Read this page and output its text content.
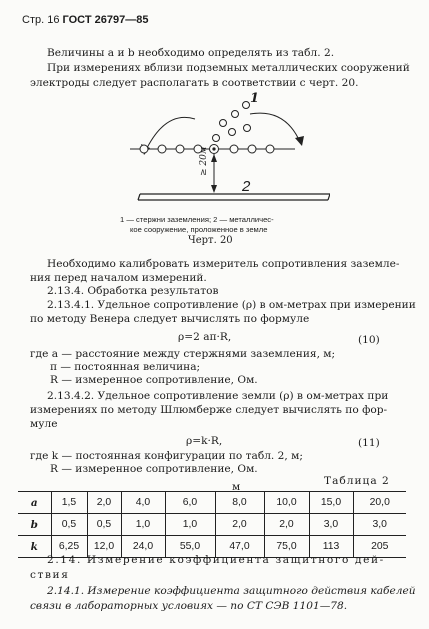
Стр. 16 ГОСТ 26797—85
Величины a и b необходимо определять из табл. 2.
При измерениях вблизи подземных металлических сооружений
электроды следует располагать в соответствии с черт. 20.
1
2
≥ 20м
1 — стержни заземления; 2 — металличес-
кое сооружение, проложенное в земле
Черт. 20
Необходимо калибровать измеритель сопротивления заземле-
ния перед началом измерений.
2.13.4. Обработка результатов
2.13.4.1. Удельное сопротивление (ρ) в ом-метрах при измерении
по методу Венера следует вычислять по формуле
ρ=2 aπ·R,	(10)
где a — расстояние между стержнями заземления, м;
π — постоянная величина;
R — измеренное сопротивление, Ом.
2.13.4.2. Удельное сопротивление земли (ρ) в ом-метрах при
измерениях по методу Шлюмберже следует вычислять по фор-
муле
ρ=k·R,	(11)
где k — постоянная конфигурации по табл. 2, м;
R — измеренное сопротивление, Ом.
Таблица 2
м
a	1,5	2,0	4,0	6,0	8,0	10,0	15,0	20,0
b	0,5	0,5	1,0	1,0	2,0	2,0	3,0	3,0
k	6,25	12,0	24,0	55,0	47,0	75,0	113	205
2.14. Измерение коэффициента защитного дей-
ствия
2.14.1. Измерение коэффициента защитного действия кабелей
связи в лабораторных условиях — по СТ СЭВ 1101—78.
